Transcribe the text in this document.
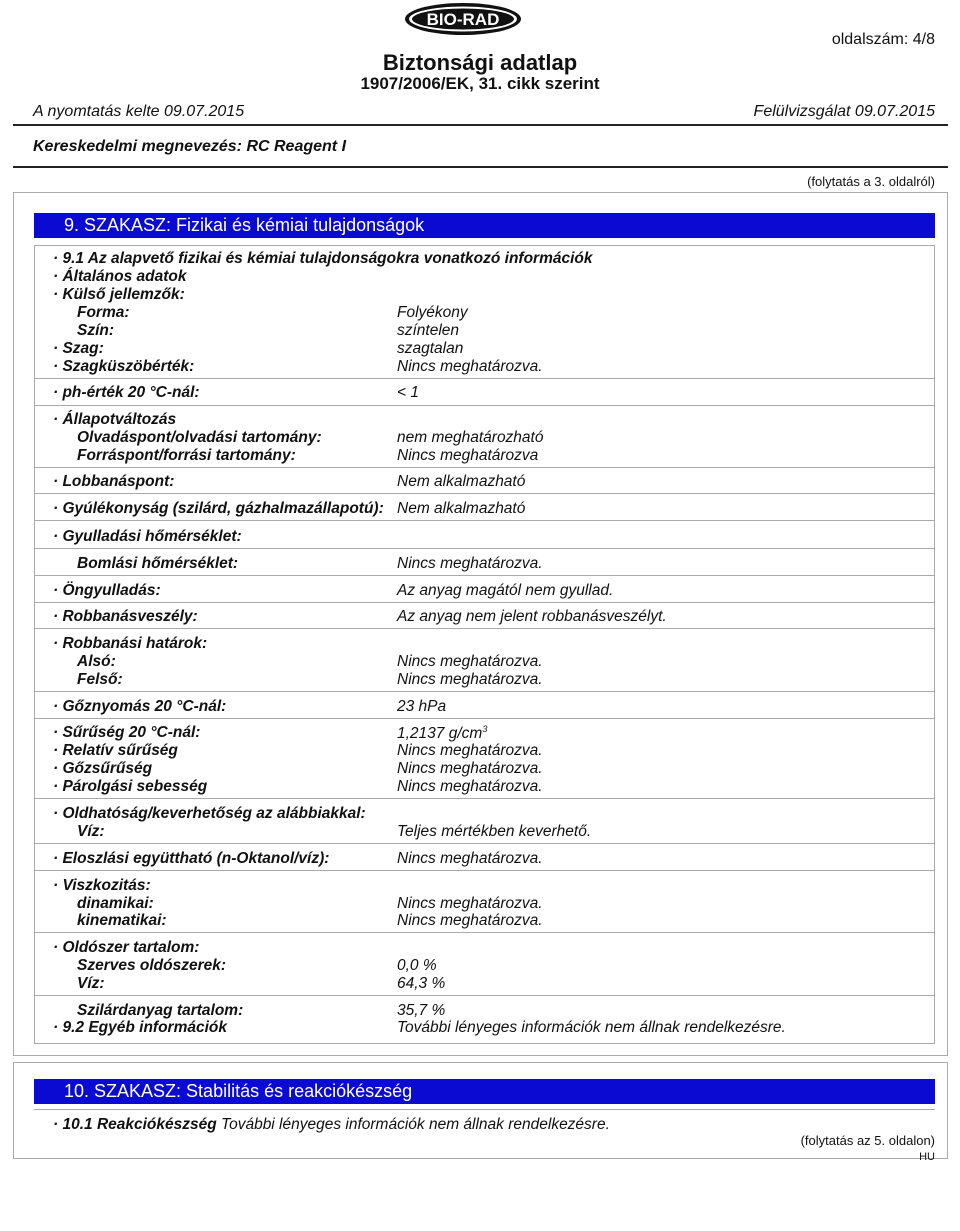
BIO-RAD
oldalszám: 4/8
Biztonsági adatlap
1907/2006/EK, 31. cikk szerint
A nyomtatás kelte 09.07.2015	Felülvizsgálat 09.07.2015
Kereskedelmi megnevezés: RC Reagent I
(folytatás a 3. oldalról)
9. SZAKASZ: Fizikai és kémiai tulajdonságok
· 9.1 Az alapvető fizikai és kémiai tulajdonságokra vonatkozó információk
· Általános adatok
· Külső jellemzők:
Forma:	Folyékony
Szín:	színtelen
· Szag:	szagtalan
· Szagküszöbérték:	Nincs meghatározva.
· ph-érték 20 °C-nál:	< 1
· Állapotváltozás
Olvadáspont/olvadási tartomány:	nem meghatározható
Forráspont/forrási tartomány:	Nincs meghatározva
· Lobbanáspont:	Nem alkalmazható
· Gyúlékonyság (szilárd, gázhalmazállapotú): Nem alkalmazható
· Gyulladási hőmérséklet:
Bomlási hőmérséklet:	Nincs meghatározva.
· Öngyulladás:	Az anyag magától nem gyullad.
· Robbanásveszély:	Az anyag nem jelent robbanásveszélyt.
· Robbanási határok:
Alsó:	Nincs meghatározva.
Felső:	Nincs meghatározva.
· Gőznyomás 20 °C-nál:	23 hPa
· Sűrűség 20 °C-nál:	1,2137 $g/cm^3$
· Relatív sűrűség	Nincs meghatározva.
· Gőzsűrűség	Nincs meghatározva.
· Párolgási sebesség	Nincs meghatározva.
· Oldhatóság/keverhetőség az alábbiakkal:
Víz:	Teljes mértékben keverhető.
· Eloszlási együttható (n-Oktanol/víz):	Nincs meghatározva.
· Viszkozitás:
dinamikai:	Nincs meghatározva.
kinematikai:	Nincs meghatározva.
· Oldószer tartalom:
Szerves oldószerek:	0,0 %
Víz:	64,3 %
Szilárdanyag tartalom:	35,7 %
· 9.2 Egyéb információk	További lényeges információk nem állnak rendelkezésre.
10. SZAKASZ: Stabilitás és reakciókészség
· 10.1 Reakciókészség További lényeges információk nem állnak rendelkezésre.
(folytatás az 5. oldalon)
HU
